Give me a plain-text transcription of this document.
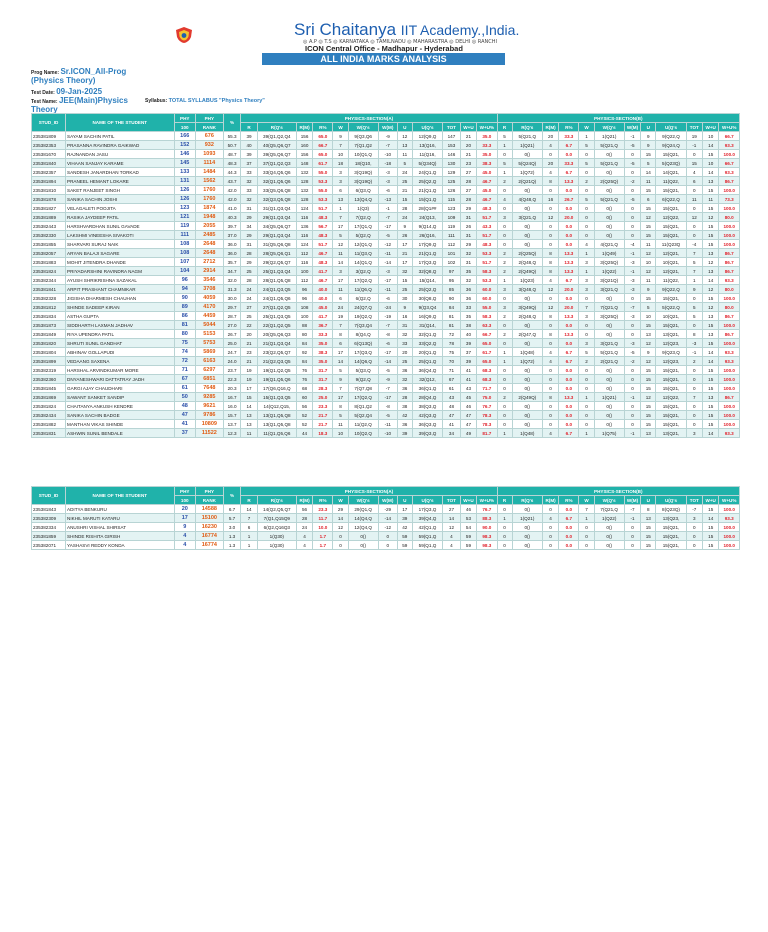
Sri Chaitanya IIT Academy.,India.
◎ A.P ◎ T.S ◎ KARNATAKA ◎ TAMILNADU ◎ MAHARASTRA ◎ DELHI ◎ RANCHI
ICON Central Office - Madhapur - Hyderabad
ALL INDIA MARKS ANALYSIS
Prog Name: Sr.ICON_All-Prog (Physics Theory)
Test Date: 09-Jan-2025
Test Name: JEE(Main)Physics Theory
Syllabus: TOTAL SYLLABUS "Physics Theory"
STUD_ID	NAME OF THE STUDENT	PHY	PHY	%	PHYSICS-SECTION(A)												PHYSICS-SECTION(B)											
		100	RANK		R	R(Q's	R(M)	R%	W	W(Q's	W(M)	U	U(Q's	TOT	W+U	W+U%	R	R(Q's	R(M)	R%	W	W(Q's	W(M)	U	U(Q's	TOT	W+U	W+U%
235381809	SAYAM SACHIN PATIL	166	676	55.3	39	39(Q1,Q2,Q4	156	65.0	9	9(Q3,Q6	-9	12	12(Q9,Q	147	21	35.0	5	5(Q21,Q	20	33.3	1	1(Q21)	-1	9	9(Q22,Q	19	10	66.7
235382353	PRASANNA RAVINDRA GAIKWAD	152	932	50.7	40	40(Q5,Q6,Q7	160	66.7	7	7(Q1,Q2	-7	13	13(Q16,	153	20	33.3	1	1(Q21)	4	6.7	5	5(Q21,Q	-5	9	9(Q24,Q	-1	14	93.3
235381670	RAJNANDAN JASU	146	1093	48.7	39	39(Q5,Q6,Q7	156	65.0	10	10(Q1,Q	-10	11	11(Q16,	146	21	35.0	0	0()	0	0.0	0	0()	0	15	15(Q21,	0	15	100.0
235381840	VIHAAN SANJAY KARAME	145	1114	48.3	37	37(Q1,Q2,Q3	148	61.7	18	18(Q10,	-18	5	5(Q34Q)	130	23	38.3	5	5(Q24Q)	20	33.3	5	5(Q21,Q	-5	5	5(Q23Q)	15	10	66.7
235382357	SANDESH JANARDHAN TORKAD	133	1484	44.3	33	33(Q4,Q5,Q6	132	55.0	3	3(Q19Q)	-3	24	24(Q1,Q	129	27	45.0	1	1(Q72)	4	6.7	0	0()	0	14	14(Q21,	4	14	93.3
235381894	PRANEEL HEMANT LOKARE	131	1562	43.7	32	32(Q1,Q5,Q6	128	53.3	3	3(Q19Q)	-3	25	25(Q2,Q	125	28	46.7	2	2(Q21Q)	8	13.3	2	2(Q25Q)	-2	11	11(Q22,	6	13	86.7
235381810	SAKET RANJEET SINGH	126	1760	42.0	33	33(Q5,Q6,Q8	132	55.0	6	6(Q3,Q	-6	21	21(Q1,Q	126	27	45.0	0	0()	0	0.0	0	0()	0	15	15(Q21,	0	15	100.0
235381878	SANIKA SACHIN JOSHI	126	1760	42.0	32	32(Q3,Q5,Q8	128	53.3	13	13(Q4,Q	-13	15	15(Q1,Q	115	28	46.7	4	4(Q48,Q	16	26.7	5	5(Q21,Q	-5	6	6(Q22,Q	11	11	73.3
235381827	VELAGALETI POOJITA	123	1874	41.0	31	31(Q1,Q3,Q4	124	51.7	1	1(Q3)	-1	28	28(Q1##	123	29	48.3	0	0()	0	0.0	0	0()	0	15	15(Q21,	0	15	100.0
235381889	RASIKA JAYDEEP PATIL	121	1948	40.3	29	29(Q1,Q3,Q4	116	48.3	7	7(Q2,Q	-7	24	24(Q13,	109	31	51.7	3	3(Q21,Q	12	20.0	0	0()	0	12	12(Q22,	12	12	80.0
235382443	HARSHVARDHAN SUNIL GAVADE	119	2055	39.7	34	34(Q5,Q6,Q7	136	56.7	17	17(Q1,Q	-17	9	9(Q14,Q	119	26	43.3	0	0()	0	0.0	0	0()	0	15	15(Q21,	0	15	100.0
235382330	LAKSHMI VINEESHA SIVAKOTI	111	2485	37.0	29	29(Q1,Q3,Q4	116	48.3	5	5(Q2,Q	-5	26	26(Q16,	111	31	51.7	0	0()	0	0.0	0	0()	0	15	15(Q21,	0	15	100.0
235381855	SHARVARI SURAJ NAIK	108	2648	36.0	31	31(Q5,Q6,Q8	124	51.7	12	12(Q1,Q	-12	17	17(Q9,Q	112	29	48.3	0	0()	0	0.0	4	4(Q21,Q	-4	11	11(Q23Q	-4	15	100.0
235382057	ARYAN BALAJI SAGARE	108	2648	36.0	28	28(Q5,Q6,Q1	112	46.7	11	11(Q3,Q	-11	21	21(Q1,Q	101	32	53.3	2	2(Q25Q)	8	13.3	1	1(Q49)	-1	12	12(Q21,	7	13	86.7
235381883	MOHIT JITENDRA DHANDE	107	2712	35.7	29	29(Q2,Q5,Q7	116	48.3	14	14(Q1,Q	-14	17	17(Q3,Q	102	31	51.7	2	2(Q48,Q	8	13.3	3	3(Q25Q)	-3	10	10(Q21,	5	12	86.7
235381824	PRIYADARSHINI RAVINDRA NAGM	104	2914	34.7	25	25(Q1,Q3,Q4	100	41.7	3	3(Q2,Q	-3	32	32(Q8,Q	97	35	58.3	2	2(Q49Q)	8	13.3	1	1(Q22)	-1	12	12(Q21,	7	13	86.7
235382344	AYUSH SHRIKRISHNA SAZAKAL	96	3546	32.0	28	28(Q1,Q5,Q8	112	46.7	17	17(Q2,Q	-17	15	15(Q14,	95	32	53.3	1	1(Q23)	4	6.7	3	3(Q21Q)	-3	11	11(Q22,	1	14	93.3
235381841	ARPIT PRASHANT CHAMNIKAR	94	3708	31.3	24	24(Q1,Q3,Q5	96	40.0	11	11(Q6,Q	-11	25	25(Q2,Q	85	36	60.0	3	3(Q48,Q	12	20.0	3	3(Q21,Q	-3	9	9(Q22,Q	9	12	80.0
235382328	JIGISHA DHARMESH CHAUHAN	90	4059	30.0	24	24(Q1,Q5,Q6	96	40.0	6	6(Q2,Q	-6	30	30(Q8,Q	90	36	60.0	0	0()	0	0.0	0	0()	0	15	15(Q21,	0	15	100.0
235381812	SHINDE SADEEP KIRAN	89	4170	29.7	27	27(Q1,Q2,Q5	108	45.0	24	24(Q7,Q	-24	9	9(Q3,Q4	84	33	55.0	3	3(Q49Q)	12	20.0	7	7(Q21,Q	-7	5	5(Q22,Q	5	12	80.0
235381834	ASTHA GUPTA	86	4459	28.7	25	25(Q1,Q3,Q5	100	41.7	19	19(Q2,Q	-19	16	16(Q9,Q	81	35	58.3	2	2(Q48,Q	8	13.3	3	3(Q25Q)	-3	10	10(Q21,	5	13	86.7
235381873	SIDDHARTH LAXMAN JADHAV	81	5044	27.0	22	22(Q1,Q2,Q5	88	36.7	7	7(Q3,Q4	-7	31	31(Q14,	81	38	63.3	0	0()	0	0.0	0	0()	0	15	15(Q21,	0	15	100.0
235381849	RIYA UPENDRA PATIL	80	5153	26.7	20	20(Q5,Q6,Q3	80	33.3	8	8(Q4,Q	-8	32	32(Q1,Q	72	40	66.7	2	2(Q47,Q	8	13.3	0	0()	0	13	13(Q21,	8	13	86.7
235381820	SHRUTI SUNIL GANDHAT	75	5753	25.0	21	21(Q1,Q3,Q4	84	35.0	6	6(Q13Q)	-6	33	33(Q2,Q	78	39	65.0	0	0()	0	0.0	3	3(Q21,Q	-3	12	12(Q23,	-3	15	100.0
235381804	ABHINAV GOLLAPUDI	74	5869	24.7	23	23(Q2,Q5,Q7	92	38.3	17	17(Q3,Q	-17	20	20(Q1,Q	75	37	61.7	1	1(Q48)	4	6.7	5	5(Q21,Q	-5	9	9(Q23,Q	-1	14	93.3
235381899	VEDAANG SAXENA	72	6163	24.0	21	21(Q2,Q3,Q5	84	35.0	14	14(Q6,Q	-14	25	25(Q1,Q	70	39	65.0	1	1(Q72)	4	6.7	2	2(Q21,Q	-2	12	12(Q23,	2	14	93.3
235382319	HARSHAL ARVINDKUMAR MORE	71	6297	23.7	19	19(Q1,Q2,Q5	76	31.7	5	5(Q3,Q	-5	36	36(Q4,Q	71	41	68.3	0	0()	0	0.0	0	0()	0	15	15(Q21,	0	15	100.0
235382360	DNYANESHWARI DATTATRAY JADH	67	6851	22.3	19	19(Q1,Q5,Q6	76	31.7	9	9(Q2,Q	-9	32	32(Q12,	67	41	68.3	0	0()	0	0.0	0	0()	0	15	15(Q21,	0	15	100.0
235381845	GARGI AJAY CHAUDHARI	61	7648	20.3	17	17(Q6,Q16,Q	68	28.3	7	7(Q7,Q8	-7	36	36(Q1,Q	61	43	71.7	0	0()	0	0.0	0	0()	0	15	15(Q21,	0	15	100.0
235381869	SAWANT SANKET SANDIP	50	9285	16.7	15	15(Q1,Q3,Q5	60	25.0	17	17(Q2,Q	-17	28	28(Q4,Q	43	45	75.0	2	2(Q49Q)	8	13.3	1	1(Q21)	-1	12	12(Q22,	7	13	86.7
235381824	CHAITANYA ANKUSH KENDRE	48	9621	16.0	14	14(Q12,Q15,	56	23.3	8	8(Q1,Q2	-8	38	38(Q3,Q	48	46	76.7	0	0()	0	0.0	0	0()	0	15	15(Q21,	0	15	100.0
235382434	SANIKA SACHIN BADGE	47	9786	15.7	13	13(Q1,Q5,Q8	52	21.7	5	5(Q2,Q4	-5	42	42(Q3,Q	47	47	78.3	0	0()	0	0.0	0	0()	0	15	15(Q21,	0	15	100.0
235381882	MANTHAN VIKAS SHINDE	41	10809	13.7	13	13(Q1,Q5,Q8	52	21.7	11	11(Q2,Q	-11	36	36(Q3,Q	41	47	78.3	0	0()	0	0.0	0	0()	0	15	15(Q21,	0	15	100.0
235381831	ASHWIN SUNIL BENDALE	37	11522	12.3	11	11(Q1,Q5,Q6	44	18.3	10	10(Q2,Q	-10	39	39(Q3,Q	34	49	81.7	1	1(Q48)	4	6.7	1	1(Q75)	-1	13	13(Q21,	3	14	93.3
STUD_ID	NAME OF THE STUDENT	PHY	PHY	%	PHYSICS-SECTION(A)												PHYSICS-SECTION(B)											
		100	RANK		R	R(Q's	R(M)	R%	W	W(Q's	W(M)	U	U(Q's	TOT	W+U	W+U%	R	R(Q's	R(M)	R%	W	W(Q's	W(M)	U	U(Q's	TOT	W+U	W+U%
235381843	ADITYA BENKURU	20	14588	6.7	14	14(Q2,Q5,Q7	56	23.3	29	29(Q1,Q	-29	17	17(Q3,Q	27	46	76.7	0	0()	0	0.0	7	7(Q21,Q	-7	8	8(Q23Q)	-7	15	100.0
235382309	NIKHIL MARUTI KATARU	17	15100	5.7	7	7(Q1,Q15Q9	28	11.7	14	14(Q4,Q	-14	39	39(Q4,Q	14	53	88.3	1	1(Q21)	4	6.7	1	1(Q22)	-1	13	13(Q23,	3	14	93.3
235382334	ANUSHRI VISHAL SHIRSAT	9	16230	3.0	6	6(Q2,Q16Q3	24	10.0	12	12(Q4,Q	-12	42	42(Q1,Q	12	54	90.0	0	0()	0	0.0	0	0()	0	15	15(Q21,	0	15	100.0
235381859	SHINDE RISHITA GIRISH	4	16774	1.3	1	1(Q30)	4	1.7	0	0()	0	59	59(Q1,Q	4	59	98.3	0	0()	0	0.0	0	0()	0	15	15(Q21,	0	15	100.0
235382071	YASHASVI REDDY KONDA	4	16774	1.3	1	1(Q30)	4	1.7	0	0()	0	59	59(Q1,Q	4	59	98.3	0	0()	0	0.0	0	0()	0	15	15(Q21,	0	15	100.0
